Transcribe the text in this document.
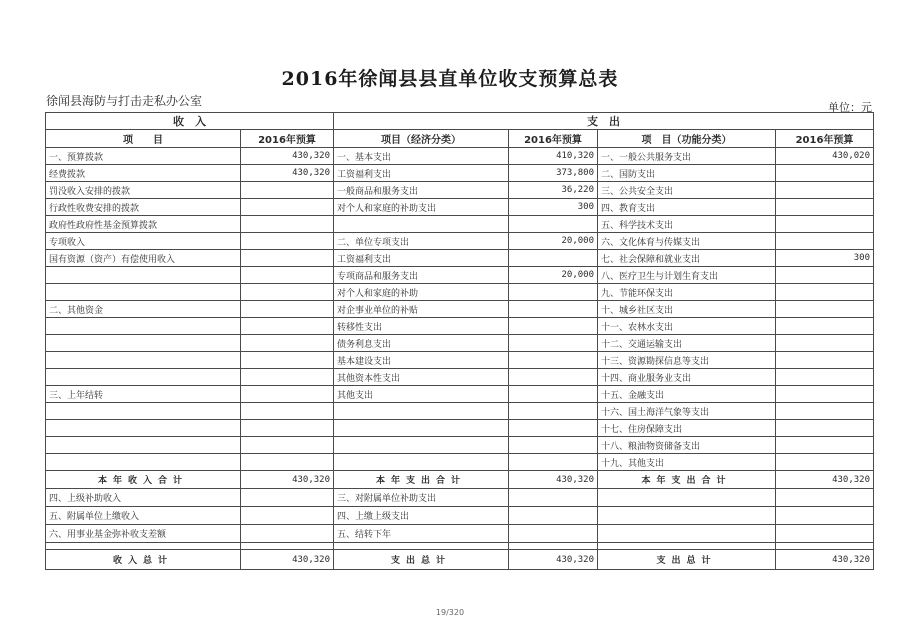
2016年徐闻县县直单位收支预算总表
徐闻县海防与打击走私办公室	单位：元
收　入		支　出			
项　　目	2016年预算	项目（经济分类）	2016年预算	项　目（功能分类）	2016年预算
一、预算拨款	430,320	一、基本支出	410,320	一、一般公共服务支出	430,020
经费拨款	430,320	工资福利支出	373,800	二、国防支出	
罚没收入安排的拨款		一般商品和服务支出	36,220	三、公共安全支出	
行政性收费安排的拨款		对个人和家庭的补助支出	300	四、教育支出	
政府性政府性基金预算拨款				五、科学技术支出	
专项收入		二、单位专项支出	20,000	六、文化体育与传媒支出	
国有资源（资产）有偿使用收入		工资福利支出		七、社会保障和就业支出	300
		专项商品和服务支出	20,000	八、医疗卫生与计划生育支出	
		对个人和家庭的补助		九、节能环保支出	
二、其他资金		对企事业单位的补贴		十、城乡社区支出	
		转移性支出		十一、农林水支出	
		债务利息支出		十二、交通运输支出	
		基本建设支出		十三、资源勘探信息等支出	
		其他资本性支出		十四、商业服务业支出	
三、上年结转		其他支出		十五、金融支出	
				十六、国土海洋气象等支出	
				十七、住房保障支出	
				十八、粮油物资储备支出	
				十九、其他支出	
本年收入合计	430,320	本年支出合计	430,320	本年支出合计	430,320
四、上级补助收入		三、对附属单位补助支出			
五、附属单位上缴收入		四、上缴上级支出			
六、用事业基金弥补收支差额		五、结转下年			

收入总计	430,320	支出总计	430,320	支出总计	430,320
19/320
